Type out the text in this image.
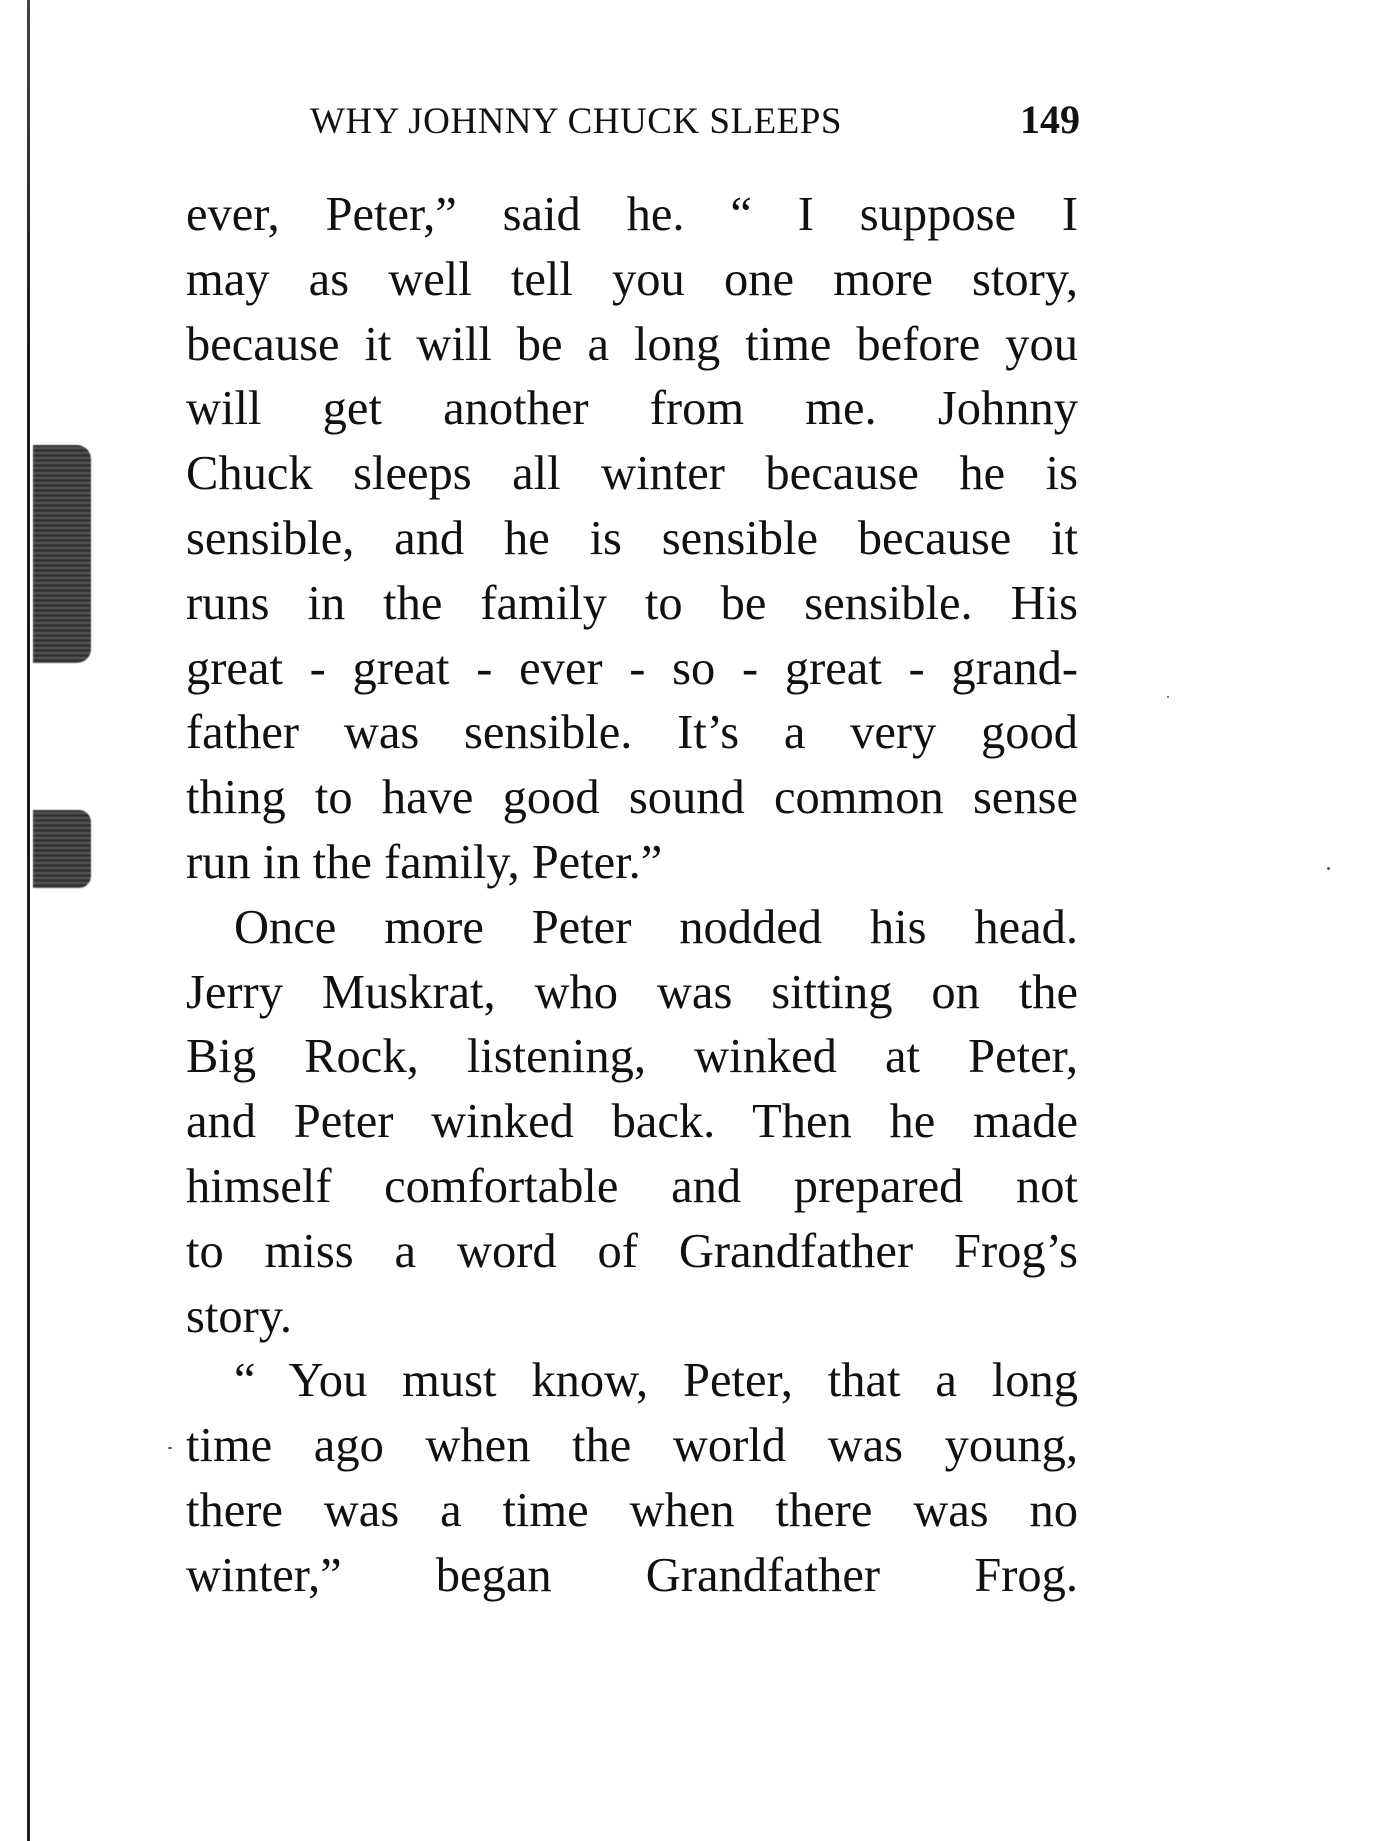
WHY JOHNNY CHUCK SLEEPS	149
ever, Peter,” said he. “ I suppose I
may as well tell you one more story,
because it will be a long time before you
will get another from me. Johnny
Chuck sleeps all winter because he is
sensible, and he is sensible because it
runs in the family to be sensible. His
great - great - ever - so - great - grand-
father was sensible. It’s a very good
thing to have good sound common sense
run in the family, Peter.”
Once more Peter nodded his head.
Jerry Muskrat, who was sitting on the
Big Rock, listening, winked at Peter,
and Peter winked back. Then he made
himself comfortable and prepared not
to miss a word of Grandfather Frog’s
story.
“ You must know, Peter, that a long
time ago when the world was young,
there was a time when there was no
winter,” began Grandfather Frog.
